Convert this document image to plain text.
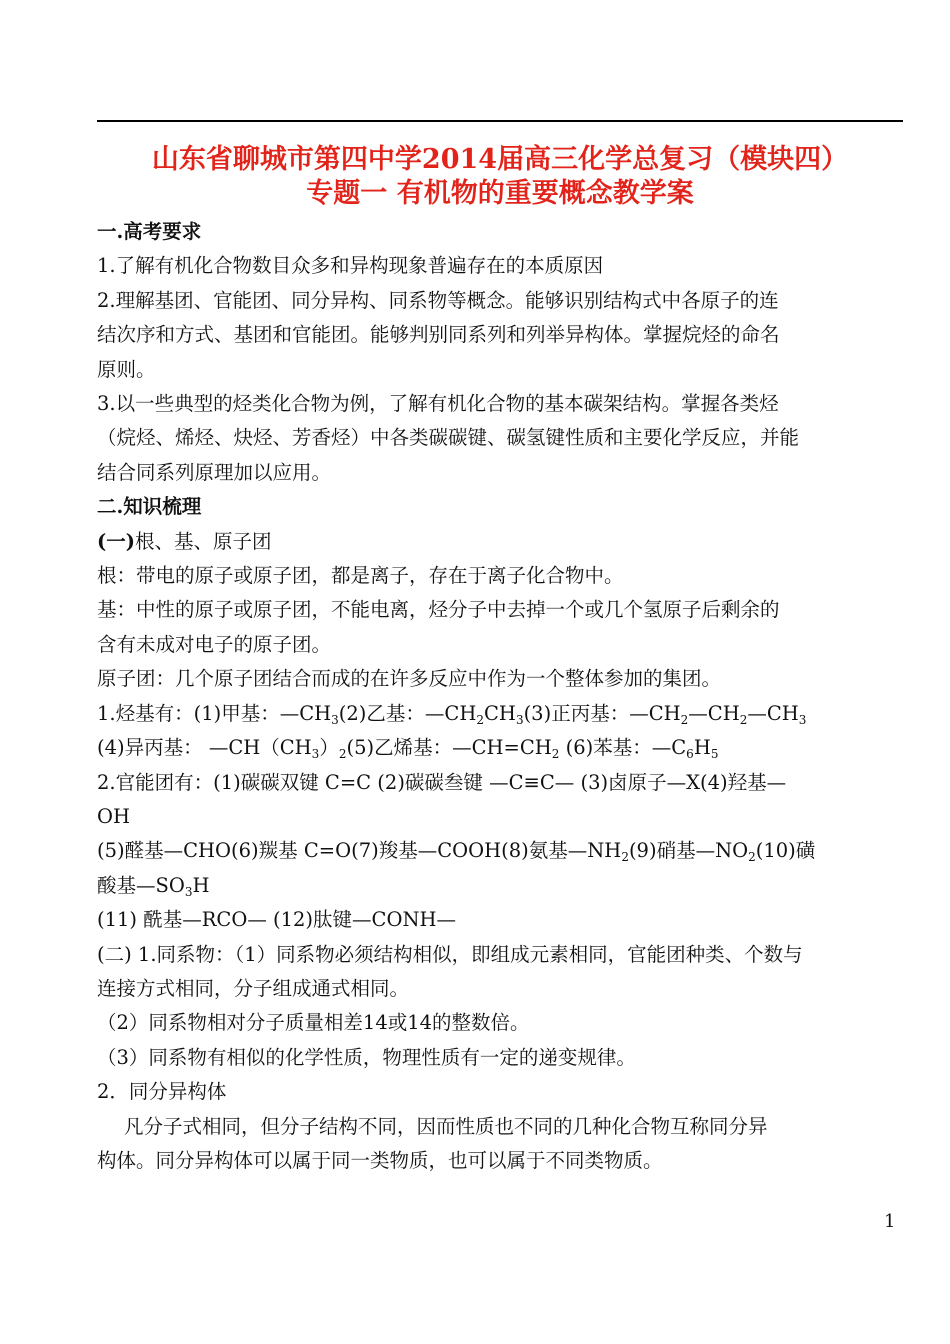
山东省聊城市第四中学2014届高三化学总复习（模块四）
专题一 有机物的重要概念教学案

一.高考要求

1.了解有机化合物数目众多和异构现象普遍存在的本质原因

2.理解基团、官能团、同分异构、同系物等概念。能够识别结构式中各原子的连

结次序和方式、基团和官能团。能够判别同系列和列举异构体。掌握烷烃的命名

原则。

3.以一些典型的烃类化合物为例，了解有机化合物的基本碳架结构。掌握各类烃

（烷烃、烯烃、炔烃、芳香烃）中各类碳碳键、碳氢键性质和主要化学反应，并能

结合同系列原理加以应用。

二.知识梳理

(一)根、基、原子团

根：带电的原子或原子团，都是离子，存在于离子化合物中。

基：中性的原子或原子团，不能电离，烃分子中去掉一个或几个氢原子后剩余的

含有未成对电子的原子团。

原子团：几个原子团结合而成的在许多反应中作为一个整体参加的集团。

1.烃基有：(1)甲基：$—CH_3(2)$乙基：$—CH_2CH_3(3)$正丙基：$—CH_2—CH_2—CH_3$

(4)异丙基： $—CH(CH_3)_2(5)$乙烯基：$—CH=CH_2$ (6)苯基：$—C_6H_5$

2.官能团有：(1)碳碳双键 C=C (2)碳碳叁键 —C≡C— (3)卤原子—X(4)羟基—

OH

(5)醛基—CHO(6)羰基 C=O(7)羧基—COOH(8)氨基$—NH_2(9)$硝基$—NO_2(10)$磺

酸基$—SO_3H$

(11) 酰基—RCO— (12)肽键—CONH—

(二) 1.同系物：（1）同系物必须结构相似，即组成元素相同，官能团种类、个数与

连接方式相同，分子组成通式相同。

（2）同系物相对分子质量相差14或14的整数倍。

（3）同系物有相似的化学性质，物理性质有一定的递变规律。

2．同分异构体

凡分子式相同，但分子结构不同，因而性质也不同的几种化合物互称同分异

构体。同分异构体可以属于同一类物质，也可以属于不同类物质。

1
